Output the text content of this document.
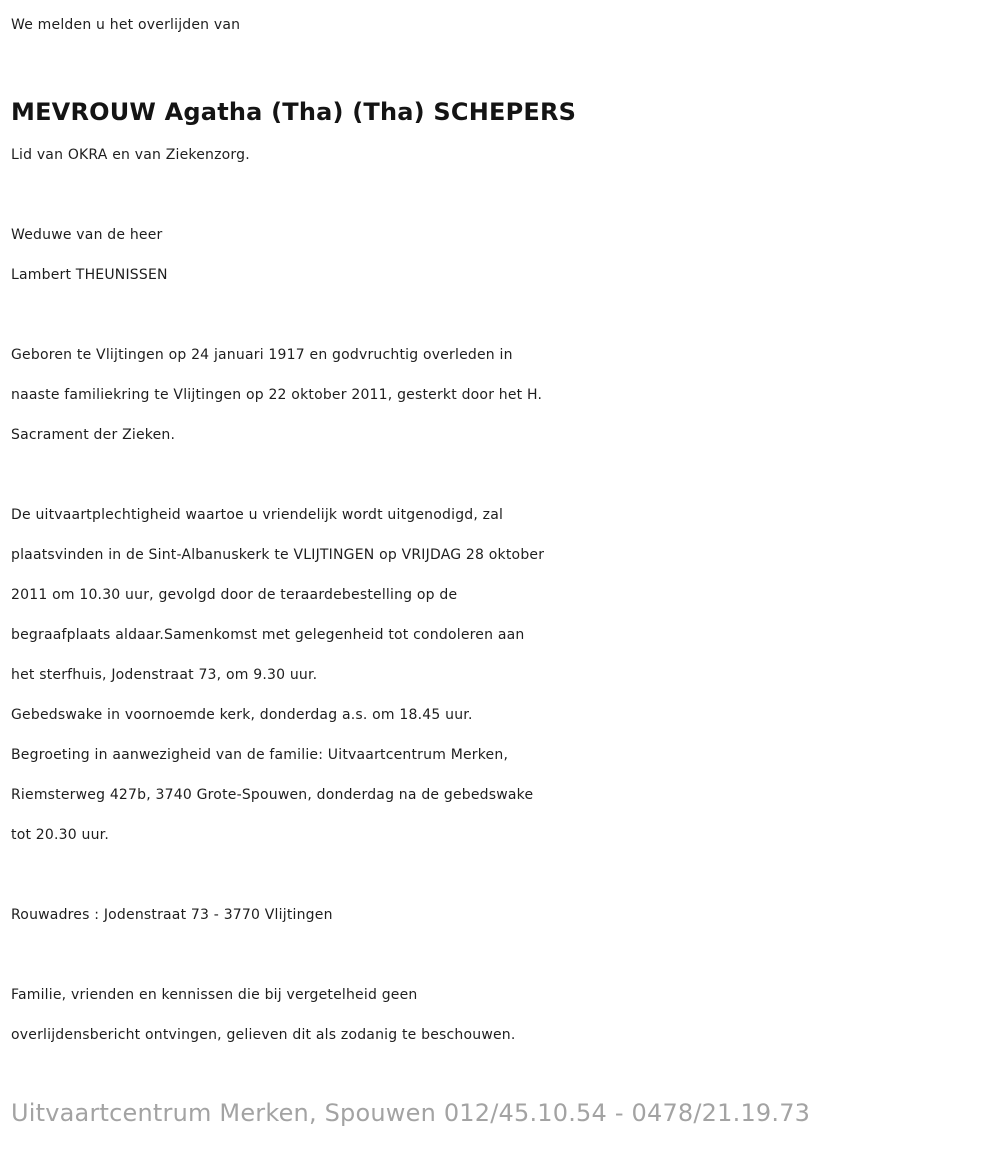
We melden u het overlijden van
MEVROUW Agatha (Tha) (Tha) SCHEPERS
Lid van OKRA en van Ziekenzorg.
Weduwe van de heer
Lambert THEUNISSEN
Geboren te Vlijtingen op 24 januari 1917 en godvruchtig overleden in
naaste familiekring te Vlijtingen op 22 oktober 2011, gesterkt door het H.
Sacrament der Zieken.
De uitvaartplechtigheid waartoe u vriendelijk wordt uitgenodigd, zal
plaatsvinden in de Sint-Albanuskerk te VLIJTINGEN op VRIJDAG 28 oktober
2011 om 10.30 uur, gevolgd door de teraardebestelling op de
begraafplaats aldaar.Samenkomst met gelegenheid tot condoleren aan
het sterfhuis, Jodenstraat 73, om 9.30 uur.
Gebedswake in voornoemde kerk, donderdag a.s. om 18.45 uur.
Begroeting in aanwezigheid van de familie: Uitvaartcentrum Merken,
Riemsterweg 427b, 3740 Grote-Spouwen, donderdag na de gebedswake
tot 20.30 uur.
Rouwadres : Jodenstraat 73 - 3770 Vlijtingen
Familie, vrienden en kennissen die bij vergetelheid geen
overlijdensbericht ontvingen, gelieven dit als zodanig te beschouwen.
Uitvaartcentrum Merken, Spouwen 012/45.10.54 - 0478/21.19.73
